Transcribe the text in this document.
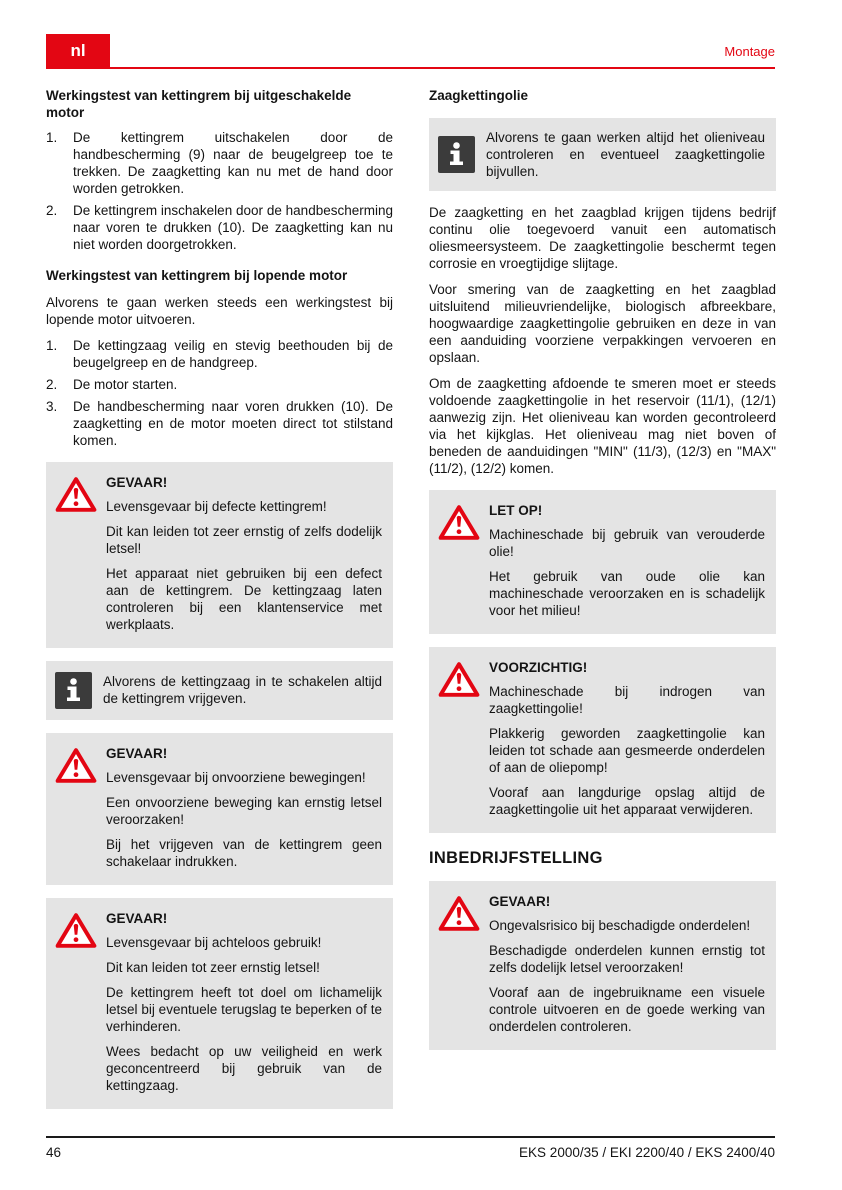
nl	Montage
Werkingstest van kettingrem bij uitgeschakelde motor
1.	De kettingrem uitschakelen door de handbescherming (9) naar de beugelgreep toe te trekken. De zaagketting kan nu met de hand door worden getrokken.
2.	De kettingrem inschakelen door de handbescherming naar voren te drukken (10). De zaagketting kan nu niet worden doorgetrokken.
Werkingstest van kettingrem bij lopende motor

Alvorens te gaan werken steeds een werkingstest bij lopende motor uitvoeren.

1.	De kettingzaag veilig en stevig beethouden bij de beugelgreep en de handgreep.
2.	De motor starten.
3.	De handbescherming naar voren drukken (10). De zaagketting en de motor moeten direct tot stilstand komen.
GEVAAR!

Levensgevaar bij defecte kettingrem!

Dit kan leiden tot zeer ernstig of zelfs dodelijk letsel!

Het apparaat niet gebruiken bij een defect aan de kettingrem. De kettingzaag laten controleren bij een klantenservice met werkplaats.

Alvorens de kettingzaag in te schakelen altijd de kettingrem vrijgeven.

GEVAAR!

Levensgevaar bij onvoorziene bewegingen!

Een onvoorziene beweging kan ernstig letsel veroorzaken!

Bij het vrijgeven van de kettingrem geen schakelaar indrukken.

GEVAAR!

Levensgevaar bij achteloos gebruik!

Dit kan leiden tot zeer ernstig letsel!

De kettingrem heeft tot doel om lichamelijk letsel bij eventuele terugslag te beperken of te verhinderen.

Wees bedacht op uw veiligheid en werk geconcentreerd bij gebruik van de kettingzaag.

Zaagkettingolie

Alvorens te gaan werken altijd het olieniveau controleren en eventueel zaagkettingolie bijvullen.

De zaagketting en het zaagblad krijgen tijdens bedrijf continu olie toegevoerd vanuit een automatisch oliesmeersysteem. De zaagkettingolie beschermt tegen corrosie en vroegtijdige slijtage.

Voor smering van de zaagketting en het zaagblad uitsluitend milieuvriendelijke, biologisch afbreekbare, hoogwaardige zaagkettingolie gebruiken en deze in van een aanduiding voorziene verpakkingen vervoeren en opslaan.

Om de zaagketting afdoende te smeren moet er steeds voldoende zaagkettingolie in het reservoir (11/1), (12/1) aanwezig zijn. Het olieniveau kan worden gecontroleerd via het kijkglas. Het olieniveau mag niet boven of beneden de aanduidingen "MIN" (11/3), (12/3) en "MAX" (11/2), (12/2) komen.

LET OP!

Machineschade bij gebruik van verouderde olie!

Het gebruik van oude olie kan machineschade veroorzaken en is schadelijk voor het milieu!

VOORZICHTIG!

Machineschade bij indrogen van zaagkettingolie!

Plakkerig geworden zaagkettingolie kan leiden tot schade aan gesmeerde onderdelen of aan de oliepomp!

Vooraf aan langdurige opslag altijd de zaagkettingolie uit het apparaat verwijderen.

INBEDRIJFSTELLING
GEVAAR!

Ongevalsrisico bij beschadigde onderdelen!

Beschadigde onderdelen kunnen ernstig tot zelfs dodelijk letsel veroorzaken!

Vooraf aan de ingebruikname een visuele controle uitvoeren en de goede werking van onderdelen controleren.

46	EKS 2000/35 / EKI 2200/40 / EKS 2400/40
